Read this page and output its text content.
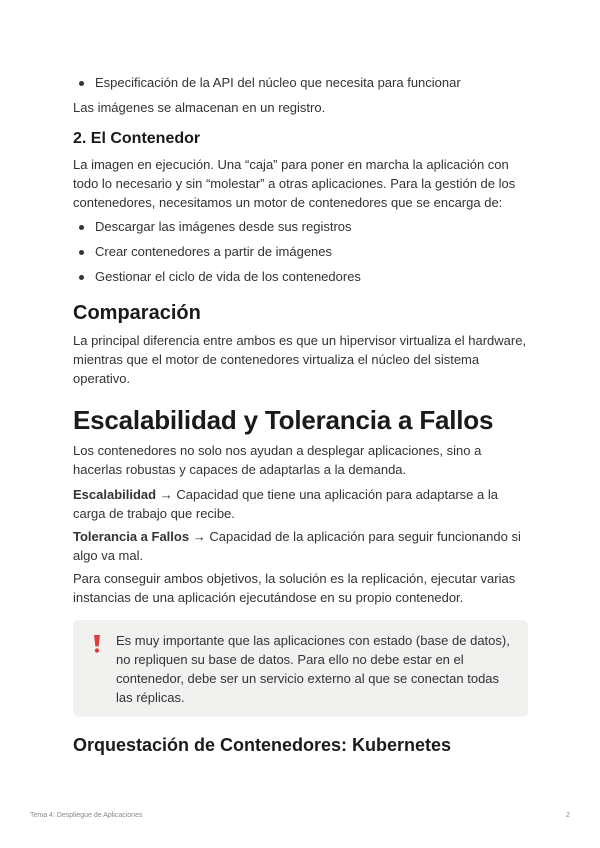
Especificación de la API del núcleo que necesita para funcionar

Las imágenes se almacenan en un registro.

2. El Contenedor

La imagen en ejecución. Una “caja” para poner en marcha la aplicación con todo lo necesario y sin “molestar” a otras aplicaciones. Para la gestión de los contenedores, necesitamos un motor de contenedores que se encarga de:

Descargar las imágenes desde sus registros
Crear contenedores a partir de imágenes
Gestionar el ciclo de vida de los contenedores
Comparación

La principal diferencia entre ambos es que un hipervisor virtualiza el hardware, mientras que el motor de contenedores virtualiza el núcleo del sistema operativo.

Escalabilidad y Tolerancia a Fallos

Los contenedores no solo nos ayudan a desplegar aplicaciones, sino a hacerlas robustas y capaces de adaptarlas a la demanda.

Escalabilidad → Capacidad que tiene una aplicación para adaptarse a la carga de trabajo que recibe.

Tolerancia a Fallos → Capacidad de la aplicación para seguir funcionando si algo va mal.

Para conseguir ambos objetivos, la solución es la replicación, ejecutar varias instancias de una aplicación ejecutándose en su propio contenedor.

Orquestación de Contenedores: Kubernetes

Es muy importante que las aplicaciones con estado (base de datos), no repliquen su base de datos. Para ello no debe estar en el contenedor, debe ser un servicio externo al que se conectan todas las réplicas.

Tema 4: Despliegue de Aplicaciones	2
